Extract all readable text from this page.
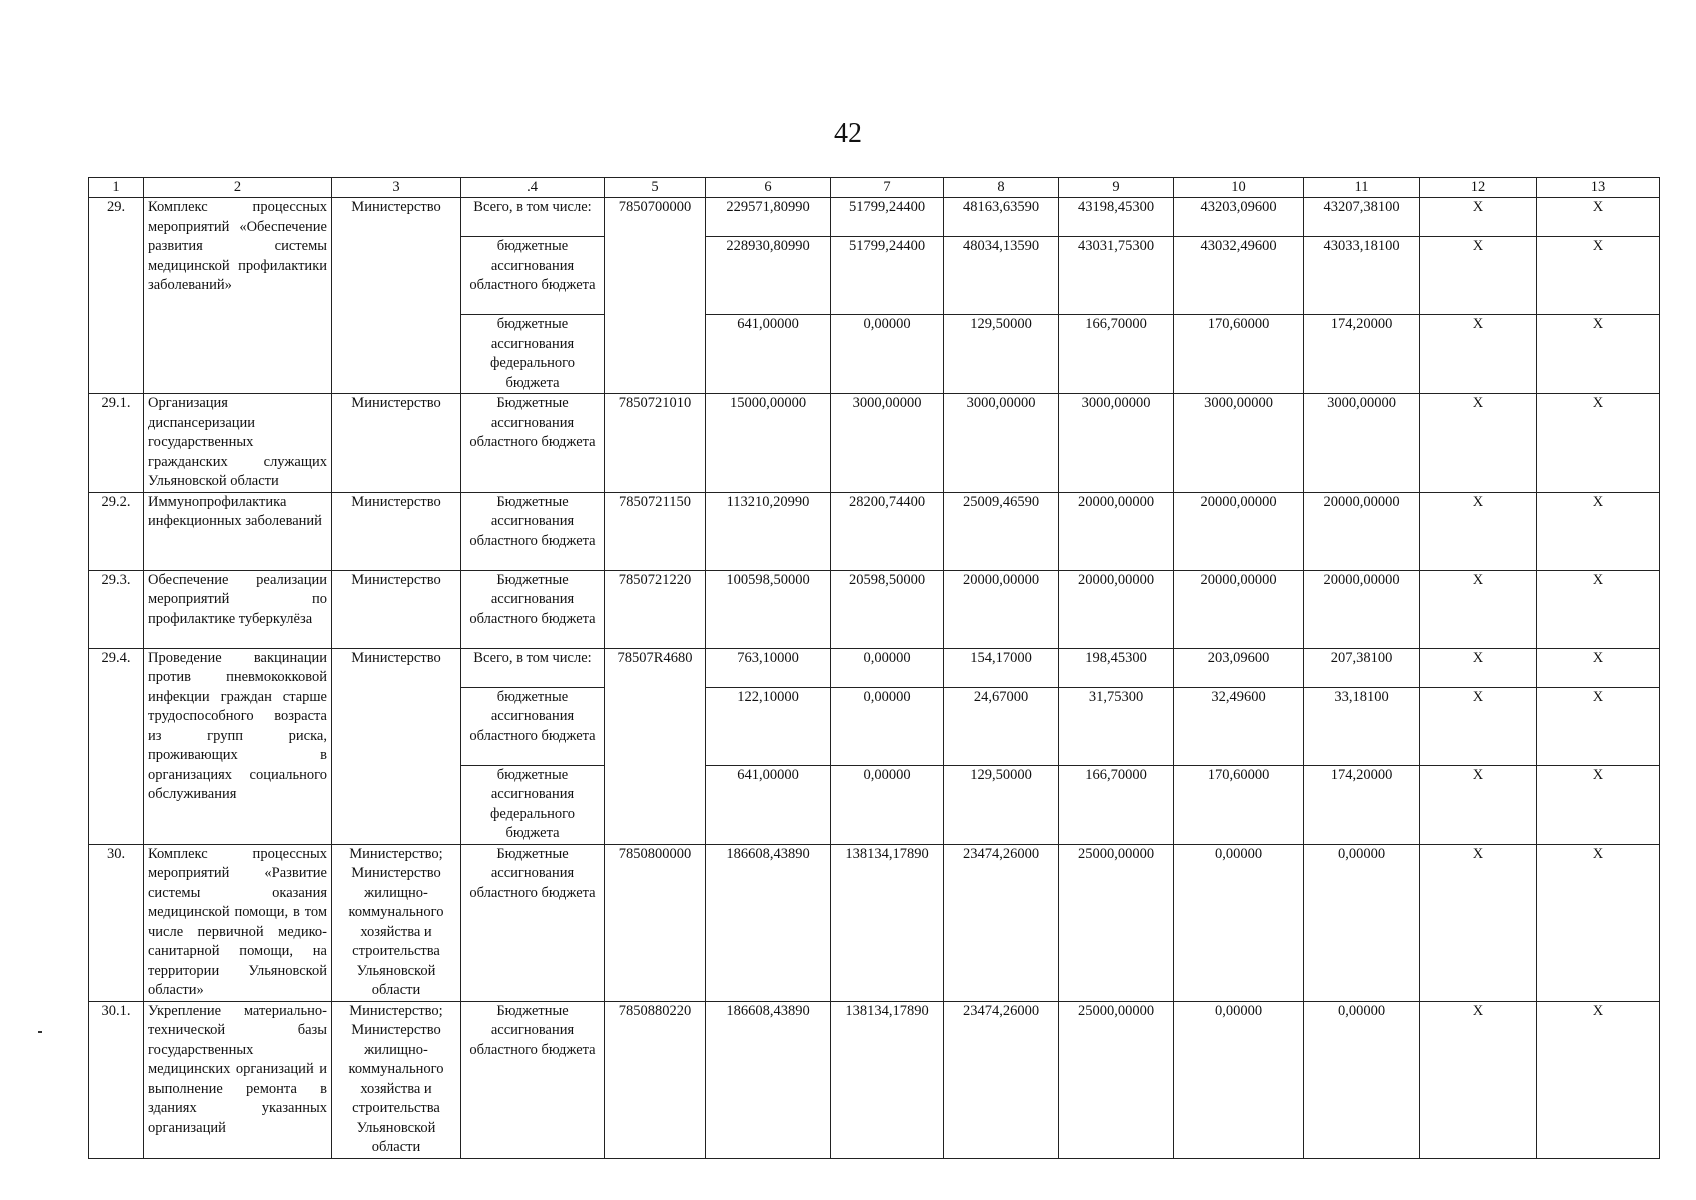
42
1	2	3	.4	5	6	7	8	9	10	11	12	13
29.	Комплекс процессных мероприятий «Обеспечение развития системы медицинской профилактики заболеваний»	Министерство	Всего, в том числе:	7850700000	229571,80990	51799,24400	48163,63590	43198,45300	43203,09600	43207,38100	X	X
			бюджетные ассигнования областного бюджета		228930,80990	51799,24400	48034,13590	43031,75300	43032,49600	43033,18100	X	X
			бюджетные ассигнования федерального бюджета		641,00000	0,00000	129,50000	166,70000	170,60000	174,20000	X	X
29.1.	Организация диспансеризации государственных гражданских служащих Ульяновской области	Министерство	Бюджетные ассигнования областного бюджета	7850721010	15000,00000	3000,00000	3000,00000	3000,00000	3000,00000	3000,00000	X	X
29.2.	Иммунопрофилактика инфекционных заболеваний	Министерство	Бюджетные ассигнования областного бюджета	7850721150	113210,20990	28200,74400	25009,46590	20000,00000	20000,00000	20000,00000	X	X
29.3.	Обеспечение реализации мероприятий по профилактике туберкулёза	Министерство	Бюджетные ассигнования областного бюджета	7850721220	100598,50000	20598,50000	20000,00000	20000,00000	20000,00000	20000,00000	X	X
29.4.	Проведение вакцинации против пневмококковой инфекции граждан старше трудоспособного возраста из групп риска, проживающих в организациях социального обслуживания	Министерство	Всего, в том числе:	78507R4680	763,10000	0,00000	154,17000	198,45300	203,09600	207,38100	X	X
			бюджетные ассигнования областного бюджета		122,10000	0,00000	24,67000	31,75300	32,49600	33,18100	X	X
			бюджетные ассигнования федерального бюджета		641,00000	0,00000	129,50000	166,70000	170,60000	174,20000	X	X
30.	Комплекс процессных мероприятий «Развитие системы оказания медицинской помощи, в том числе первичной медико-санитарной помощи, на территории Ульяновской области»	Министерство; Министерство жилищно-коммунального хозяйства и строительства Ульяновской области	Бюджетные ассигнования областного бюджета	7850800000	186608,43890	138134,17890	23474,26000	25000,00000	0,00000	0,00000	X	X
30.1.	Укрепление материально-технической базы государственных медицинских организаций и выполнение ремонта в зданиях указанных организаций	Министерство; Министерство жилищно-коммунального хозяйства и строительства Ульяновской области	Бюджетные ассигнования областного бюджета	7850880220	186608,43890	138134,17890	23474,26000	25000,00000	0,00000	0,00000	X	X
